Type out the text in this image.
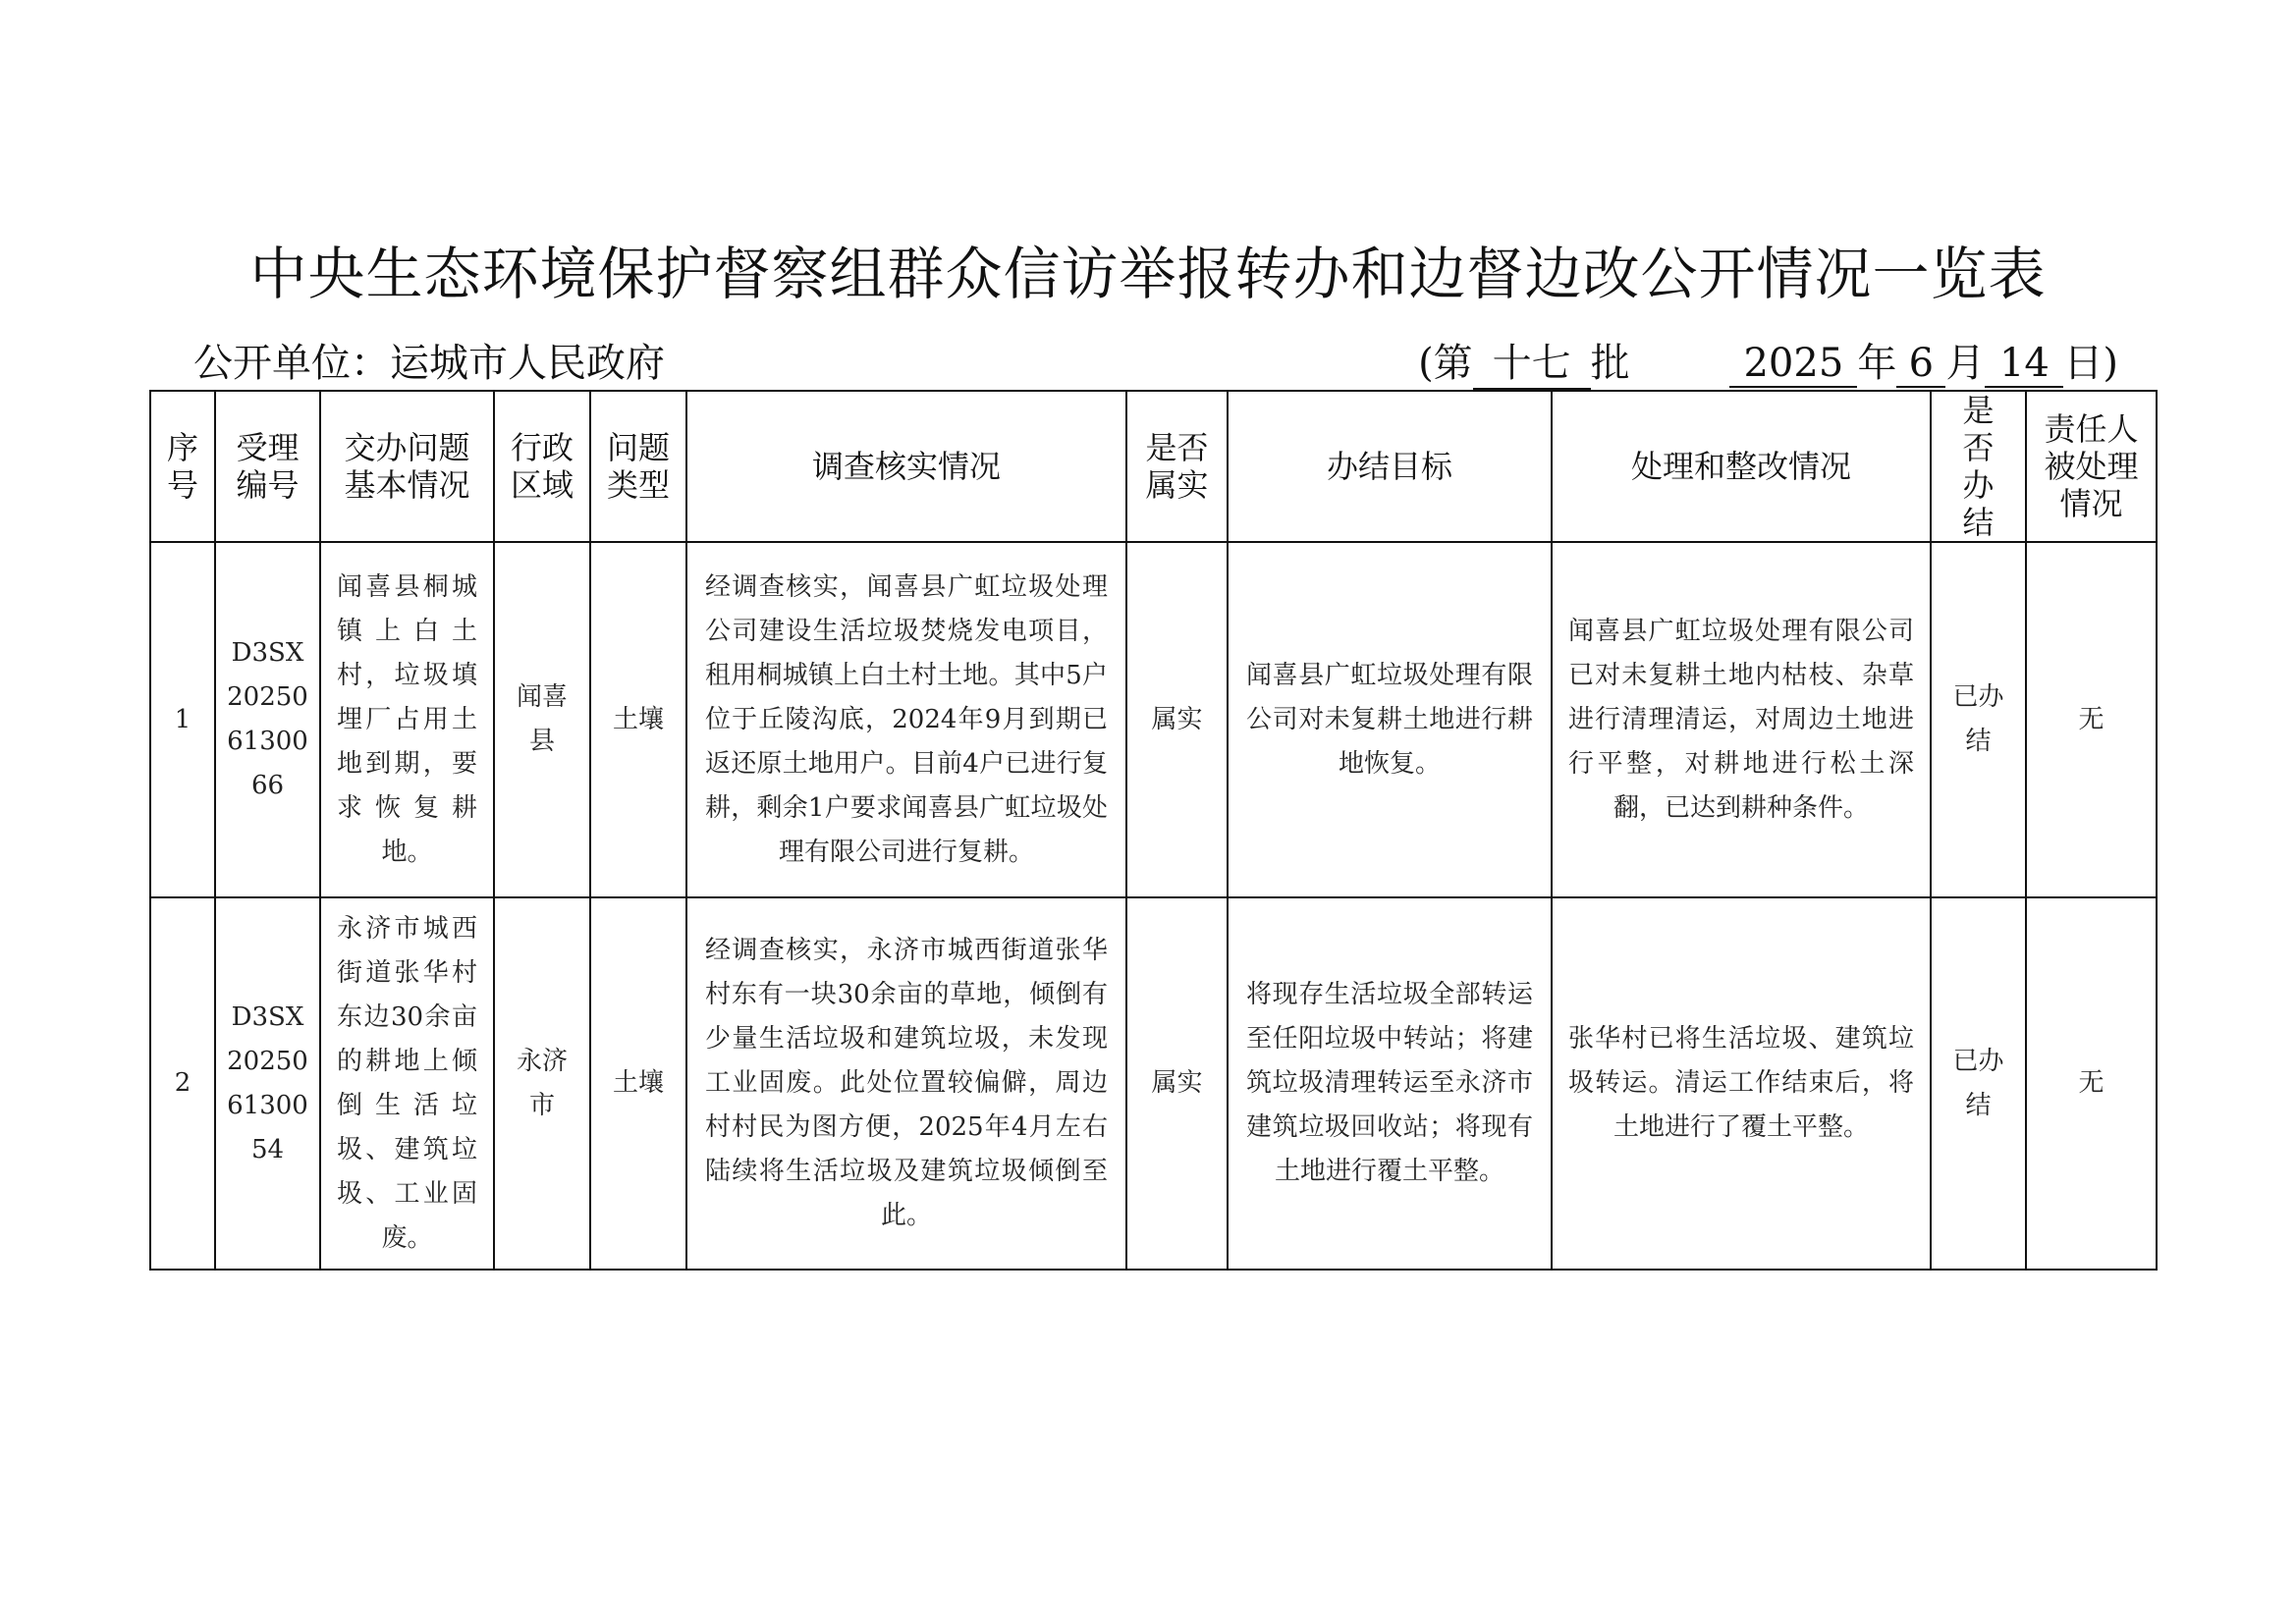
中央生态环境保护督察组群众信访举报转办和边督边改公开情况一览表
公开单位：运城市人民政府	(第 十七 批	2025 年 6 月 14 日)
序号	受理编号	交办问题基本情况	行政区域	问题类型	调查核实情况	是否属实	办结目标	处理和整改情况	是否办结	责任人被处理情况
1	D3SX
20250
61300
66	闻喜县桐城镇上白土村，垃圾填埋厂占用土地到期，要求恢复耕地。	闻喜县	土壤	经调查核实，闻喜县广虹垃圾处理公司建设生活垃圾焚烧发电项目，租用桐城镇上白土村土地。其中5户位于丘陵沟底，2024年9月到期已返还原土地用户。目前4户已进行复耕，剩余1户要求闻喜县广虹垃圾处理有限公司进行复耕。	属实	闻喜县广虹垃圾处理有限公司对未复耕土地进行耕地恢复。	闻喜县广虹垃圾处理有限公司已对未复耕土地内枯枝、杂草进行清理清运，对周边土地进行平整，对耕地进行松土深翻，已达到耕种条件。	已办结	无
2	D3SX
20250
61300
54	永济市城西街道张华村东边30余亩的耕地上倾倒生活垃圾、建筑垃圾、工业固废。	永济市	土壤	经调查核实，永济市城西街道张华村东有一块30余亩的草地，倾倒有少量生活垃圾和建筑垃圾，未发现工业固废。此处位置较偏僻，周边村村民为图方便，2025年4月左右陆续将生活垃圾及建筑垃圾倾倒至此。	属实	将现存生活垃圾全部转运至任阳垃圾中转站；将建筑垃圾清理转运至永济市建筑垃圾回收站；将现有土地进行覆土平整。	张华村已将生活垃圾、建筑垃圾转运。清运工作结束后，将土地进行了覆土平整。	已办结	无
